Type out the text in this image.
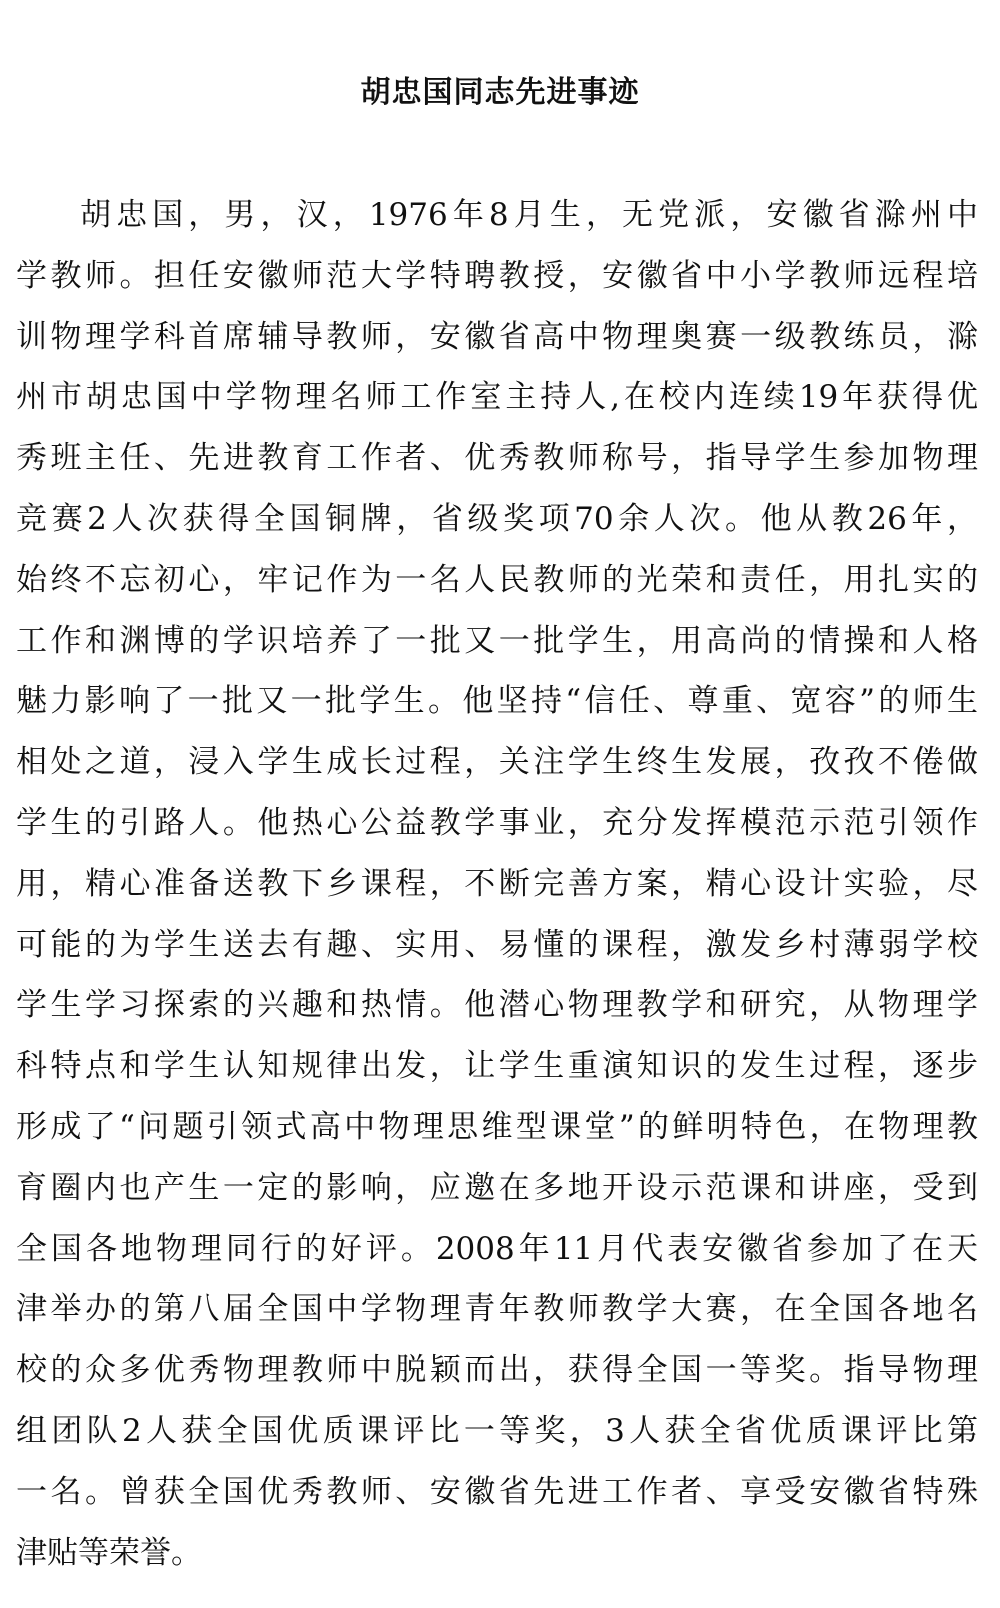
胡忠国同志先进事迹
胡忠国，男，汉，1976年8月生，无党派，安徽省滁州中
学教师。担任安徽师范大学特聘教授，安徽省中小学教师远程培
训物理学科首席辅导教师，安徽省高中物理奥赛一级教练员，滁
州市胡忠国中学物理名师工作室主持人,在校内连续19年获得优
秀班主任、先进教育工作者、优秀教师称号，指导学生参加物理
竞赛2人次获得全国铜牌，省级奖项70余人次。他从教26年，
始终不忘初心，牢记作为一名人民教师的光荣和责任，用扎实的
工作和渊博的学识培养了一批又一批学生，用高尚的情操和人格
魅力影响了一批又一批学生。他坚持“信任、尊重、宽容”的师生
相处之道，浸入学生成长过程，关注学生终生发展，孜孜不倦做
学生的引路人。他热心公益教学事业，充分发挥模范示范引领作
用，精心准备送教下乡课程，不断完善方案，精心设计实验，尽
可能的为学生送去有趣、实用、易懂的课程，激发乡村薄弱学校
学生学习探索的兴趣和热情。他潜心物理教学和研究，从物理学
科特点和学生认知规律出发，让学生重演知识的发生过程，逐步
形成了“问题引领式高中物理思维型课堂”的鲜明特色，在物理教
育圈内也产生一定的影响，应邀在多地开设示范课和讲座，受到
全国各地物理同行的好评。2008年11月代表安徽省参加了在天
津举办的第八届全国中学物理青年教师教学大赛，在全国各地名
校的众多优秀物理教师中脱颖而出，获得全国一等奖。指导物理
组团队2人获全国优质课评比一等奖，3人获全省优质课评比第
一名。曾获全国优秀教师、安徽省先进工作者、享受安徽省特殊
津贴等荣誉。
